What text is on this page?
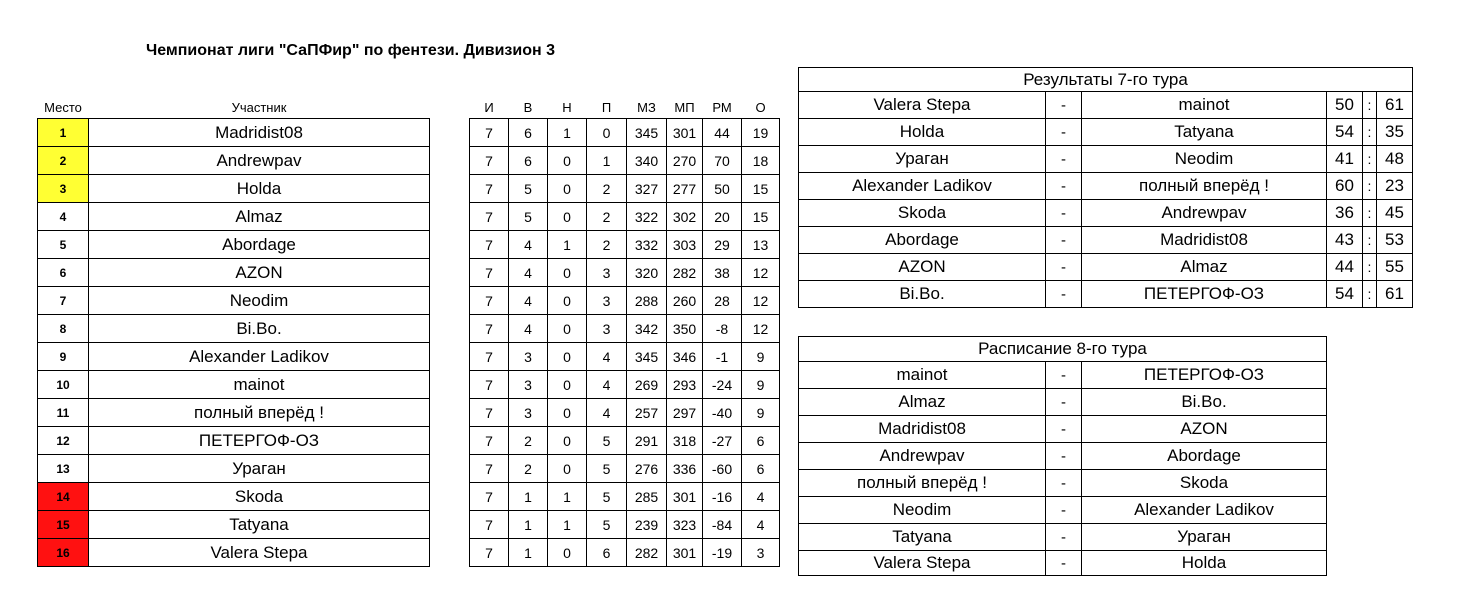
Чемпионат лиги "СаПФир" по фентези. Дивизион 3
Место	Участник		И	В	Н	П	МЗ	МП	РМ	О
1	Madridist08		7	6	1	0	345	301	44	19
2	Andrewpav		7	6	0	1	340	270	70	18
3	Holda		7	5	0	2	327	277	50	15
4	Almaz		7	5	0	2	322	302	20	15
5	Abordage		7	4	1	2	332	303	29	13
6	AZON		7	4	0	3	320	282	38	12
7	Neodim		7	4	0	3	288	260	28	12
8	Bi.Bo.		7	4	0	3	342	350	-8	12
9	Alexander Ladikov		7	3	0	4	345	346	-1	9
10	mainot		7	3	0	4	269	293	-24	9
11	полный вперёд !		7	3	0	4	257	297	-40	9
12	ПЕТЕРГОФ-ОЗ		7	2	0	5	291	318	-27	6
13	Ураган		7	2	0	5	276	336	-60	6
14	Skoda		7	1	1	5	285	301	-16	4
15	Tatyana		7	1	1	5	239	323	-84	4
16	Valera Stepa		7	1	0	6	282	301	-19	3
Результаты 7-го тура					
Valera Stepa	-	mainot	50	:	61
Holda	-	Tatyana	54	:	35
Ураган	-	Neodim	41	:	48
Alexander Ladikov	-	полный вперёд !	60	:	23
Skoda	-	Andrewpav	36	:	45
Abordage	-	Madridist08	43	:	53
AZON	-	Almaz	44	:	55
Bi.Bo.	-	ПЕТЕРГОФ-ОЗ	54	:	61
Расписание 8-го тура		
mainot	-	ПЕТЕРГОФ-ОЗ
Almaz	-	Bi.Bo.
Madridist08	-	AZON
Andrewpav	-	Abordage
полный вперёд !	-	Skoda
Neodim	-	Alexander Ladikov
Tatyana	-	Ураган
Valera Stepa	-	Holda
